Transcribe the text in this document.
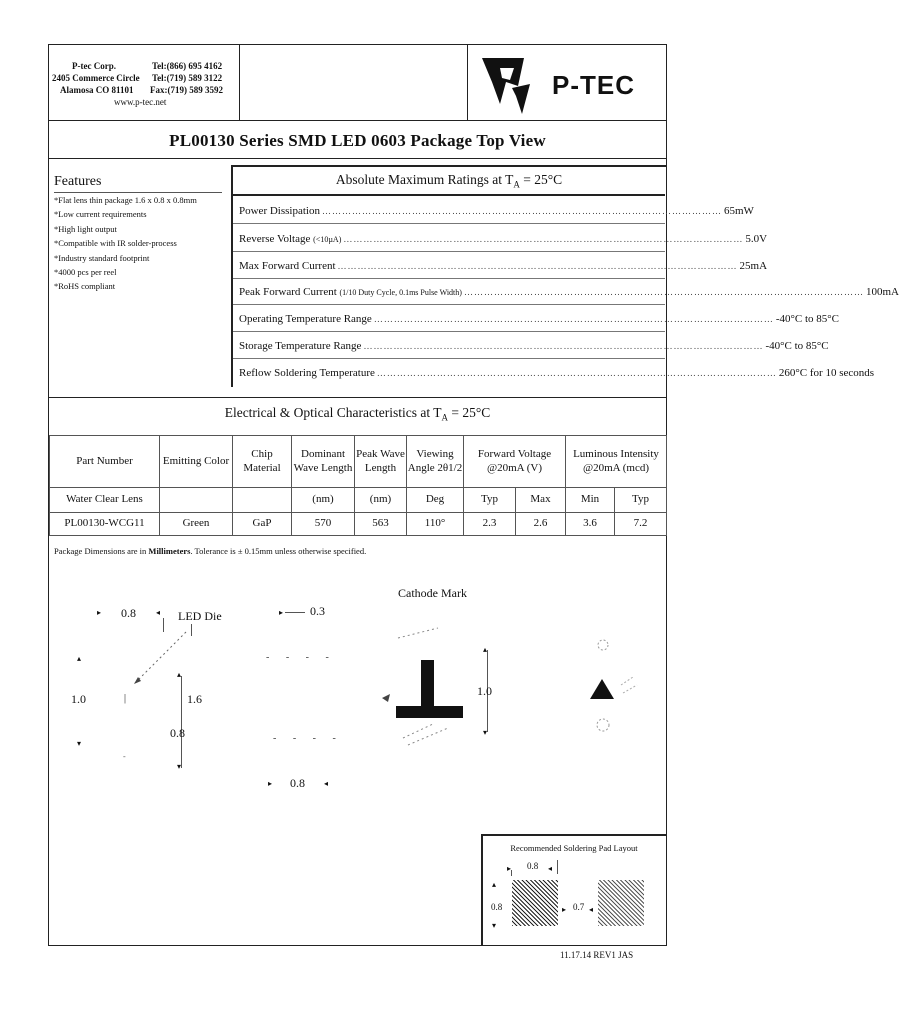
P-tec Corp.	Tel:(866) 695 4162
2405 Commerce Circle Tel:(719) 589 3122
Alamosa CO 81101 Fax:(719) 589 3592
www.p-tec.net
P-TEC
PL00130 Series SMD LED 0603 Package Top View
Features
*Flat lens thin package 1.6 x 0.8 x 0.8mm
*Low current requirements
*High light output
*Compatible with IR solder-process
*Industry standard footprint
*4000 pcs per reel
*RoHS compliant
Absolute Maximum Ratings at $T_A = 25^\circ C$
Power Dissipation ………………………………………………………………………………………………………… 65mW
Reverse Voltage (<10µA) ………………………………………………………………………………………………………… 5.0V
Max Forward Current ………………………………………………………………………………………………………… 25mA
Peak Forward Current (1/10 Duty Cycle, 0.1ms Pulse Width) ………………………………………………………………………………………………………… 100mA
Operating Temperature Range ………………………………………………………………………………………………………… -40°C to 85°C
Storage Temperature Range ………………………………………………………………………………………………………… -40°C to 85°C
Reflow Soldering Temperature ………………………………………………………………………………………………………… 260°C for 10 seconds
Electrical & Optical Characteristics at $T_A = 25^\circ C$
Part Number	Emitting Color	Chip Material	Dominant Wave Length	Peak Wave Length	Viewing Angle 2θ1/2	Forward Voltage @20mA (V)		Luminous Intensity @20mA (mcd)	
Water Clear Lens			(nm)	(nm)	Deg	Typ	Max	Min	Typ
PL00130-WCG11	Green	GaP	570	563	110°	2.3	2.6	3.6	7.2
Package Dimensions are in Millimeters. Tolerance is ± 0.15mm unless otherwise specified.
▸ 0.8	◂ LED Die
▴
1.0
▾
|	1.6
▴
▾
0.8
-
▸ 0.3
- - - -
- - - -
▸ 0.8 ◂
Cathode Mark
▴
▾
1.0
Recommended Soldering Pad Layout
▸ 0.8 ◂
▴
0.8
▾
▸ 0.7 ◂
11.17.14 REV1 JAS
